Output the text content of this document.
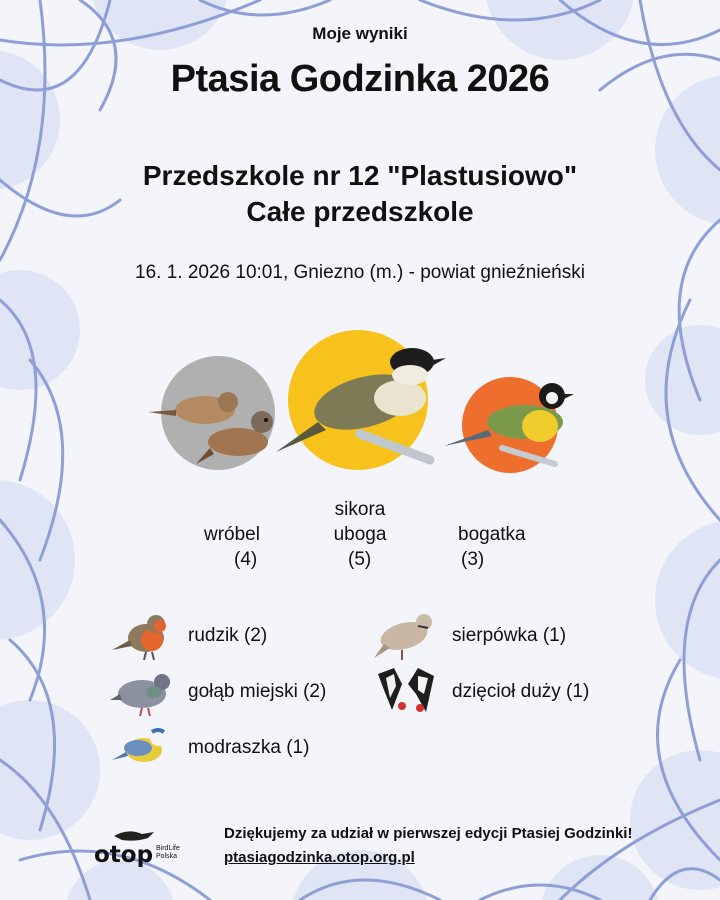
Moje wyniki
Ptasia Godzinka 2026
Przedszkole nr 12 "Plastusiowo"
Całe przedszkole
16. 1. 2026 10:01, Gniezno (m.) - powiat gnieźnieński
wróbel
(4)
sikora
uboga
(5)
bogatka
(3)
rudzik (2)	sierpówka (1)
gołąb miejski (2)	dzięcioł duży (1)
modraszka (1)
otop BirdLife
Polska
Dziękujemy za udział w pierwszej edycji Ptasiej Godzinki!
ptasiagodzinka.otop.org.pl
